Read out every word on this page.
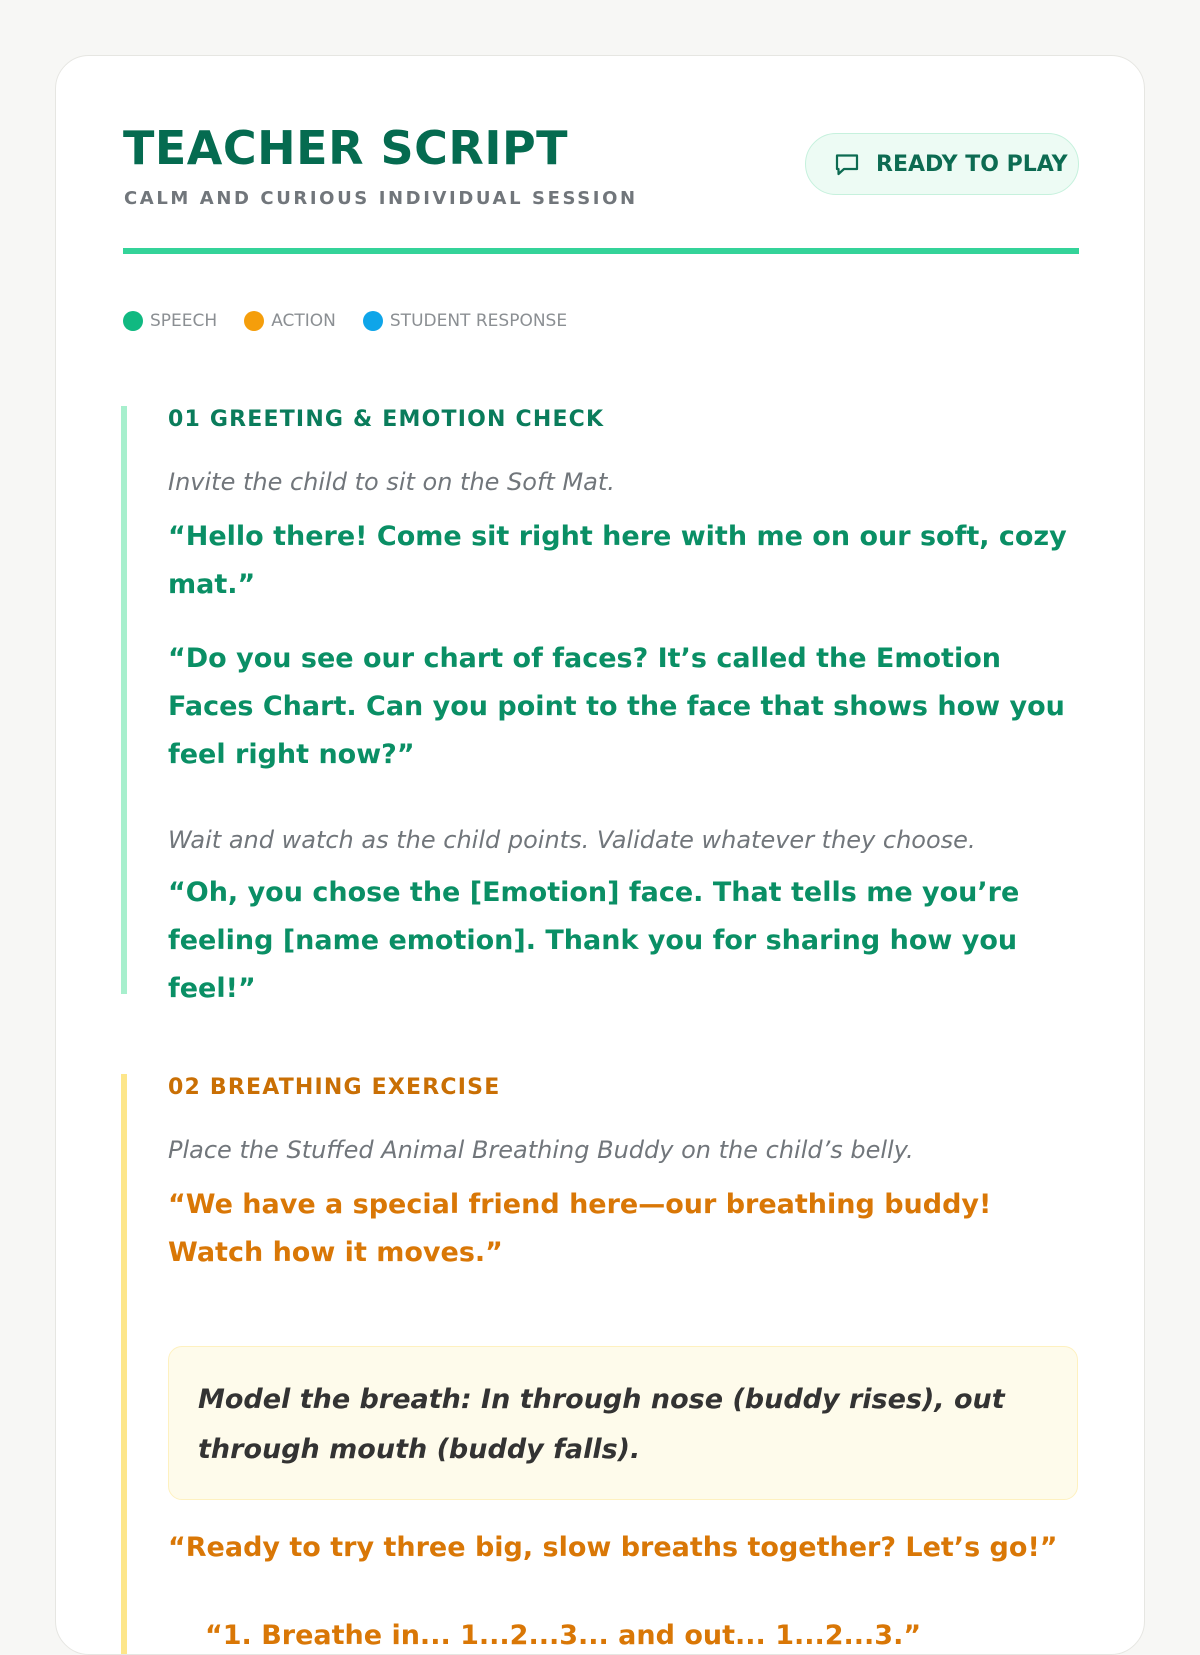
TEACHER SCRIPT
CALM AND CURIOUS INDIVIDUAL SESSION
READY TO PLAY
SPEECH	ACTION	STUDENT RESPONSE
01 GREETING & EMOTION CHECK
Invite the child to sit on the Soft Mat.

“Hello there! Come sit right here with me on our soft, cozy mat.”

“Do you see our chart of faces? It’s called the Emotion Faces Chart. Can you point to the face that shows how you feel right now?”

Wait and watch as the child points. Validate whatever they choose.

“Oh, you chose the [Emotion] face. That tells me you’re feeling [name emotion]. Thank you for sharing how you feel!”

02 BREATHING EXERCISE
Place the Stuffed Animal Breathing Buddy on the child’s belly.

“We have a special friend here—our breathing buddy! Watch how it moves.”

Model the breath: In through nose (buddy rises), out through mouth (buddy falls).

“Ready to try three big, slow breaths together? Let’s go!”

“1. Breathe in... 1...2...3... and out... 1...2...3.”
